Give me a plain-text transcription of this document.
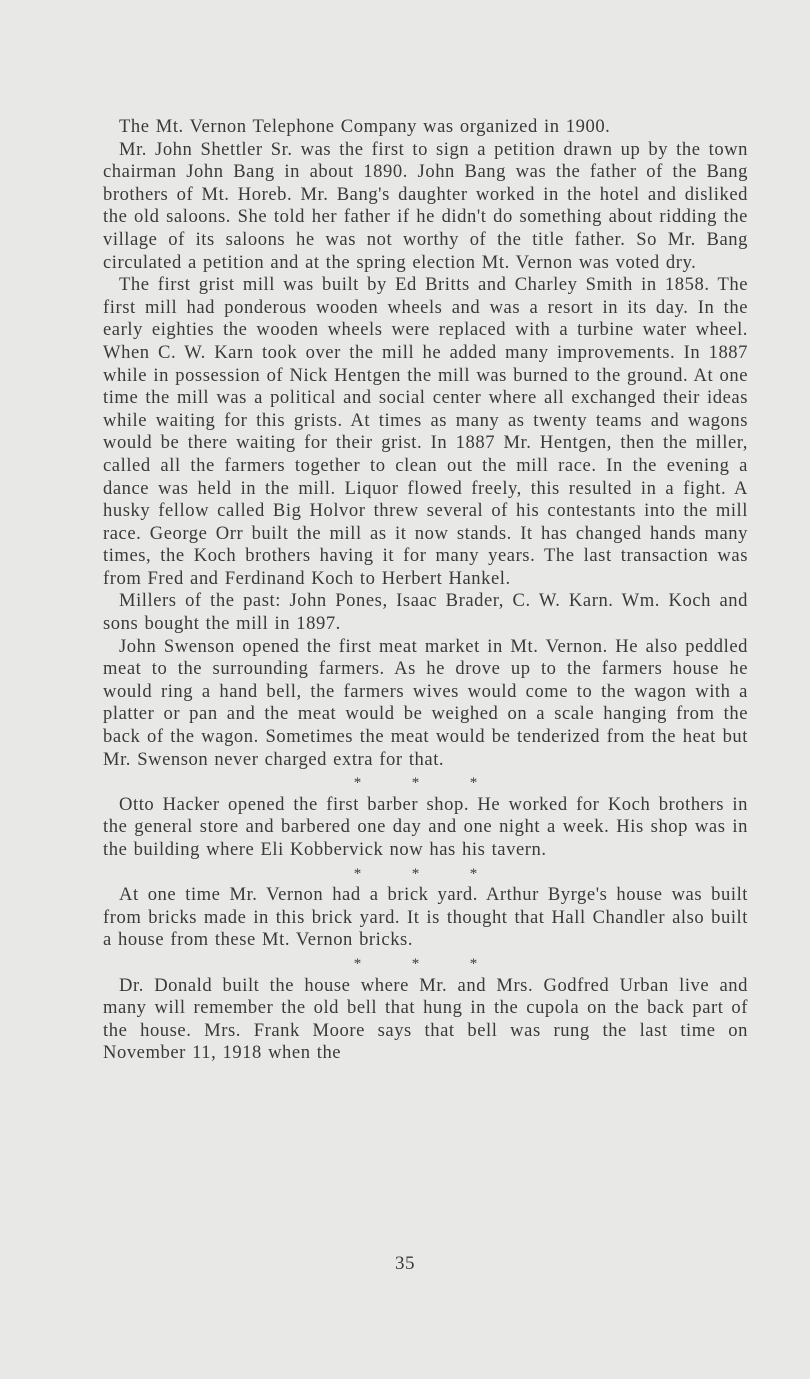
The Mt. Vernon Telephone Company was organized in 1900.

Mr. John Shettler Sr. was the first to sign a petition drawn up by the town chairman John Bang in about 1890. John Bang was the father of the Bang brothers of Mt. Horeb. Mr. Bang's daughter worked in the hotel and disliked the old saloons. She told her father if he didn't do something about ridding the village of its saloons he was not worthy of the title father. So Mr. Bang circulated a petition and at the spring election Mt. Vernon was voted dry.

The first grist mill was built by Ed Britts and Charley Smith in 1858. The first mill had ponderous wooden wheels and was a resort in its day. In the early eighties the wooden wheels were replaced with a turbine water wheel. When C. W. Karn took over the mill he added many improvements. In 1887 while in possession of Nick Hentgen the mill was burned to the ground. At one time the mill was a political and social center where all exchanged their ideas while waiting for this grists. At times as many as twenty teams and wagons would be there waiting for their grist. In 1887 Mr. Hentgen, then the miller, called all the farmers together to clean out the mill race. In the evening a dance was held in the mill. Liquor flowed freely, this resulted in a fight. A husky fellow called Big Holvor threw several of his contestants into the mill race. George Orr built the mill as it now stands. It has changed hands many times, the Koch brothers having it for many years. The last transaction was from Fred and Ferdinand Koch to Herbert Hankel.

Millers of the past: John Pones, Isaac Brader, C. W. Karn. Wm. Koch and sons bought the mill in 1897.

John Swenson opened the first meat market in Mt. Vernon. He also peddled meat to the surrounding farmers. As he drove up to the farmers house he would ring a hand bell, the farmers wives would come to the wagon with a platter or pan and the meat would be weighed on a scale hanging from the back of the wagon. Sometimes the meat would be tenderized from the heat but Mr. Swenson never charged extra for that.

*	*	*

Otto Hacker opened the first barber shop. He worked for Koch brothers in the general store and barbered one day and one night a week. His shop was in the building where Eli Kobbervick now has his tavern.

*	*	*

At one time Mr. Vernon had a brick yard. Arthur Byrge's house was built from bricks made in this brick yard. It is thought that Hall Chandler also built a house from these Mt. Vernon bricks.

*	*	*

Dr. Donald built the house where Mr. and Mrs. Godfred Urban live and many will remember the old bell that hung in the cupola on the back part of the house. Mrs. Frank Moore says that bell was rung the last time on November 11, 1918 when the

35
